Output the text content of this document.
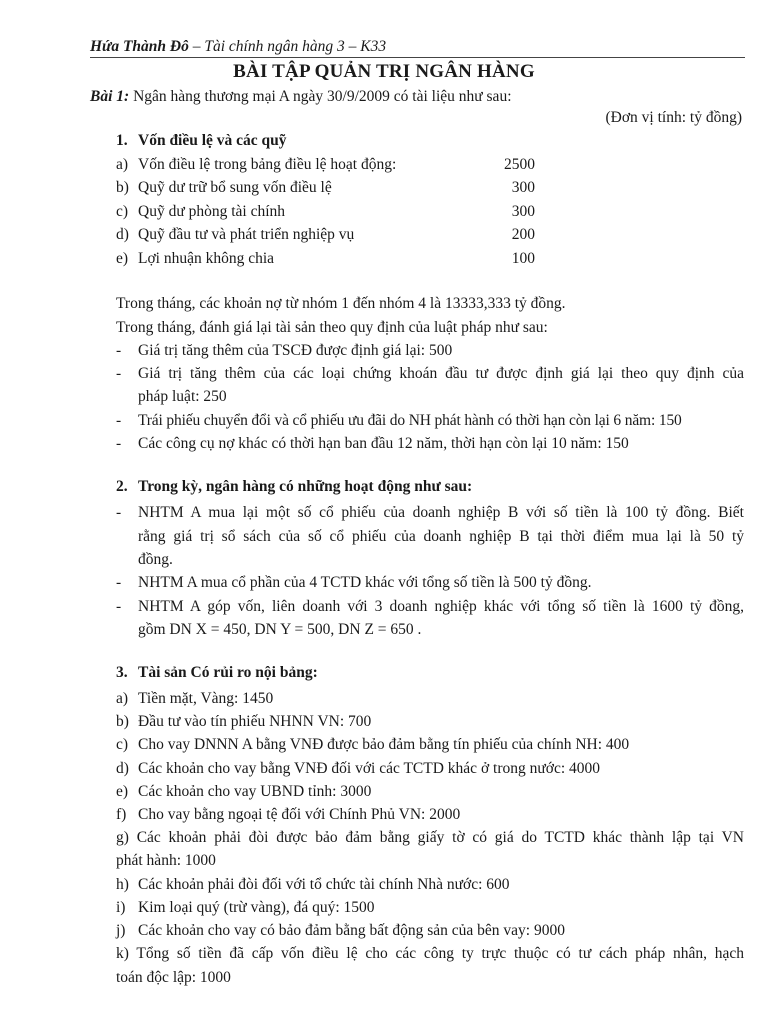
Hứa Thành Đô – Tài chính ngân hàng 3 – K33
BÀI TẬP QUẢN TRỊ NGÂN HÀNG
Bài 1: Ngân hàng thương mại A ngày 30/9/2009 có tài liệu như sau:
(Đơn vị tính: tỷ đồng)
1. Vốn điều lệ và các quỹ
a) Vốn điều lệ trong bảng điều lệ hoạt động:	2500
b) Quỹ dư trữ bổ sung vốn điều lệ	300
c) Quỹ dư phòng tài chính	300
d) Quỹ đầu tư và phát triển nghiệp vụ	200
e) Lợi nhuận không chia	100
Trong tháng, các khoản nợ từ nhóm 1 đến nhóm 4 là 13333,333 tỷ đồng.
Trong tháng, đánh giá lại tài sản theo quy định của luật pháp như sau:
- Giá trị tăng thêm của TSCĐ được định giá lại: 500
- Giá trị tăng thêm của các loại chứng khoán đầu tư được định giá lại theo quy định của
pháp luật: 250
- Trái phiếu chuyển đổi và cổ phiếu ưu đãi do NH phát hành có thời hạn còn lại 6 năm: 150
- Các công cụ nợ khác có thời hạn ban đầu 12 năm, thời hạn còn lại 10 năm: 150
2. Trong kỳ, ngân hàng có những hoạt động như sau:
- NHTM A mua lại một số cổ phiếu của doanh nghiệp B với số tiền là 100 tỷ đồng. Biết
rằng giá trị sổ sách của số cổ phiếu của doanh nghiệp B tại thời điểm mua lại là 50 tỷ
đồng.
- NHTM A mua cổ phần của 4 TCTD khác với tổng số tiền là 500 tỷ đồng.
- NHTM A góp vốn, liên doanh với 3 doanh nghiệp khác với tổng số tiền là 1600 tỷ đồng,
gồm DN X = 450, DN Y = 500, DN Z = 650 .
3. Tài sản Có rủi ro nội bảng:
a) Tiền mặt, Vàng: 1450
b) Đầu tư vào tín phiếu NHNN VN: 700
c) Cho vay DNNN A bằng VNĐ được bảo đảm bằng tín phiếu của chính NH: 400
d) Các khoản cho vay bằng VNĐ đối với các TCTD khác ở trong nước: 4000
e) Các khoản cho vay UBND tỉnh: 3000
f) Cho vay bằng ngoại tệ đối với Chính Phủ VN: 2000
g) Các khoản phải đòi được bảo đảm bằng giấy tờ có giá do TCTD khác thành lập tại VN
phát hành: 1000
h) Các khoản phải đòi đối với tổ chức tài chính Nhà nước: 600
i) Kim loại quý (trừ vàng), đá quý: 1500
j) Các khoản cho vay có bảo đảm bằng bất động sản của bên vay: 9000
k) Tổng số tiền đã cấp vốn điều lệ cho các công ty trực thuộc có tư cách pháp nhân, hạch
toán độc lập: 1000
